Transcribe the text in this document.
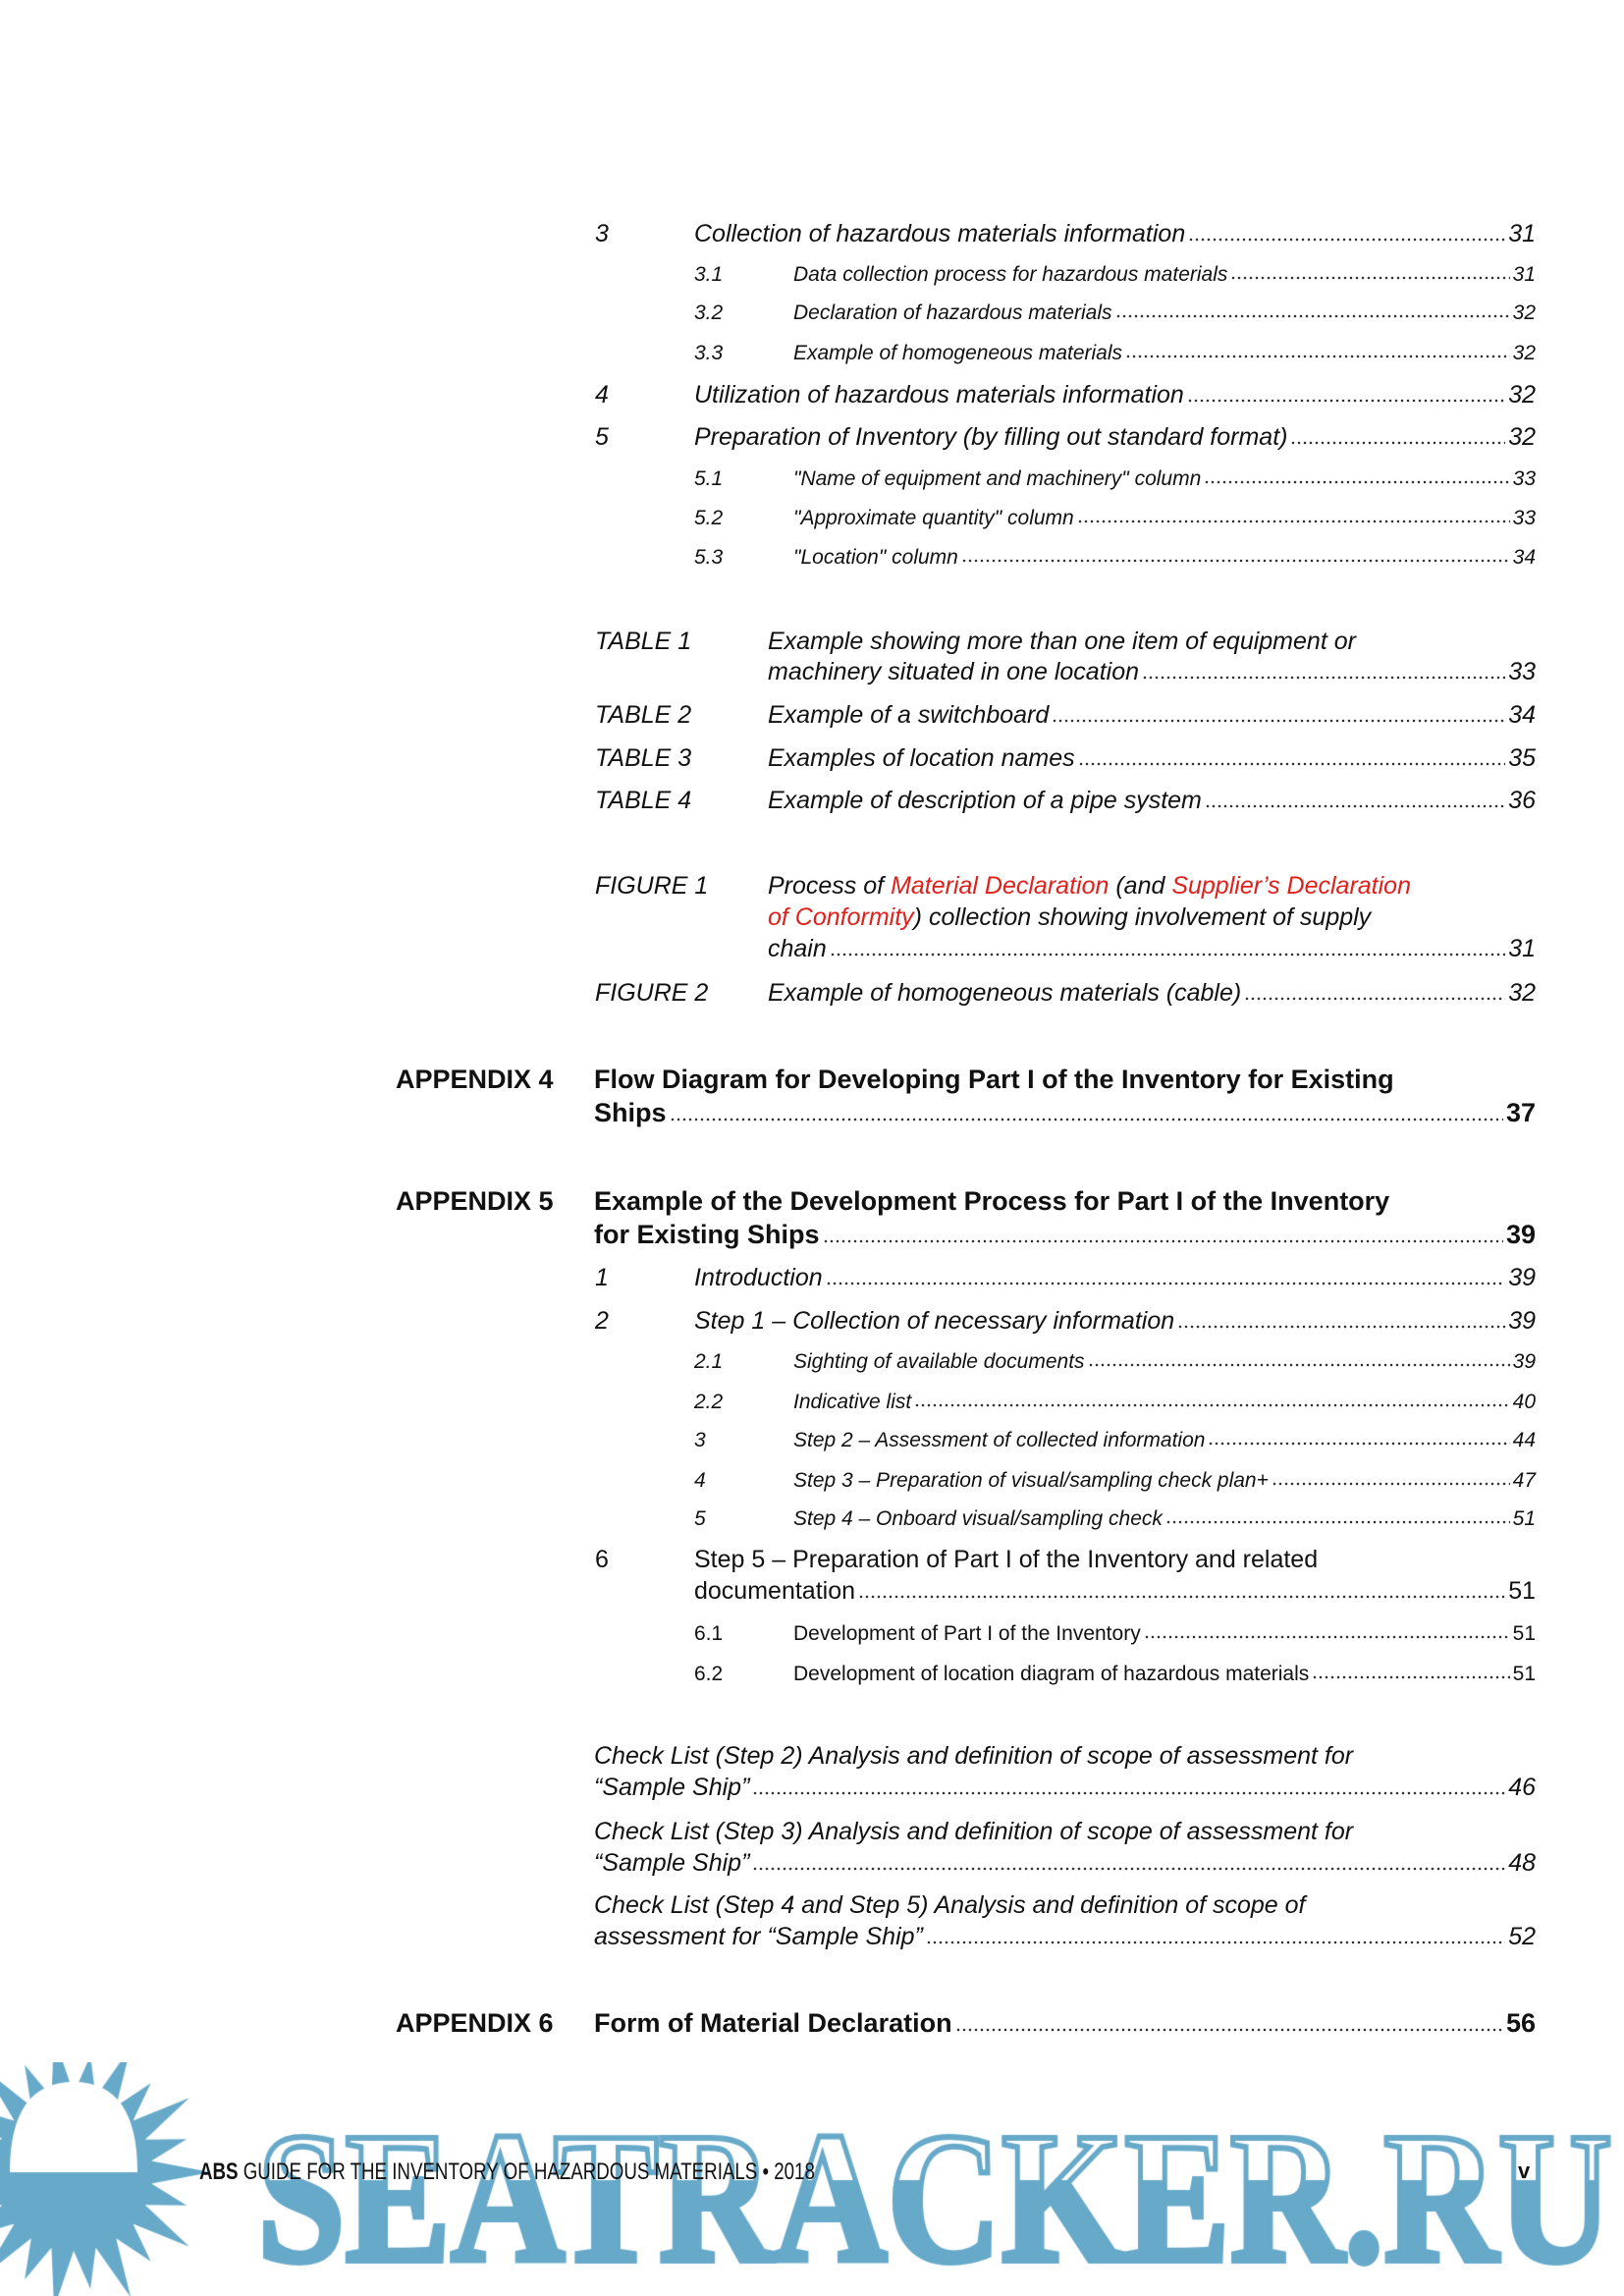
3	Collection of hazardous materials information	31
3.1	Data collection process for hazardous materials	31
3.2	Declaration of hazardous materials	32
3.3	Example of homogeneous materials	32
4	Utilization of hazardous materials information	32
5	Preparation of Inventory (by filling out standard format)	32
5.1	"Name of equipment and machinery" column	33
5.2	"Approximate quantity" column	33
5.3	"Location" column	34
TABLE 1	Example showing more than one item of equipment or
machinery situated in one location	33
TABLE 2	Example of a switchboard	34
TABLE 3	Examples of location names	35
TABLE 4	Example of description of a pipe system	36
FIGURE 1 Process of Material Declaration (and Supplier’s Declaration
of Conformity) collection showing involvement of supply
chain	31
FIGURE 2 Example of homogeneous materials (cable)	32
APPENDIX 4 Flow Diagram for Developing Part I of the Inventory for Existing
Ships	37
APPENDIX 5 Example of the Development Process for Part I of the Inventory
for Existing Ships	39
1	Introduction	39
2	Step 1 – Collection of necessary information	39
2.1	Sighting of available documents	39
2.2	Indicative list	40
3	Step 2 – Assessment of collected information	44
4	Step 3 – Preparation of visual/sampling check plan+	47
5	Step 4 – Onboard visual/sampling check	51
6	Step 5 – Preparation of Part I of the Inventory and related
documentation	51
6.1	Development of Part I of the Inventory	51
6.2	Development of location diagram of hazardous materials	51
Check List (Step 2) Analysis and definition of scope of assessment for
“Sample Ship”	46
Check List (Step 3) Analysis and definition of scope of assessment for
“Sample Ship”	48
Check List (Step 4 and Step 5) Analysis and definition of scope of
assessment for “Sample Ship”	52
APPENDIX 6 Form of Material Declaration	56
ABS GUIDE FOR THE INVENTORY OF HAZARDOUS MATERIALS • 2018	v
